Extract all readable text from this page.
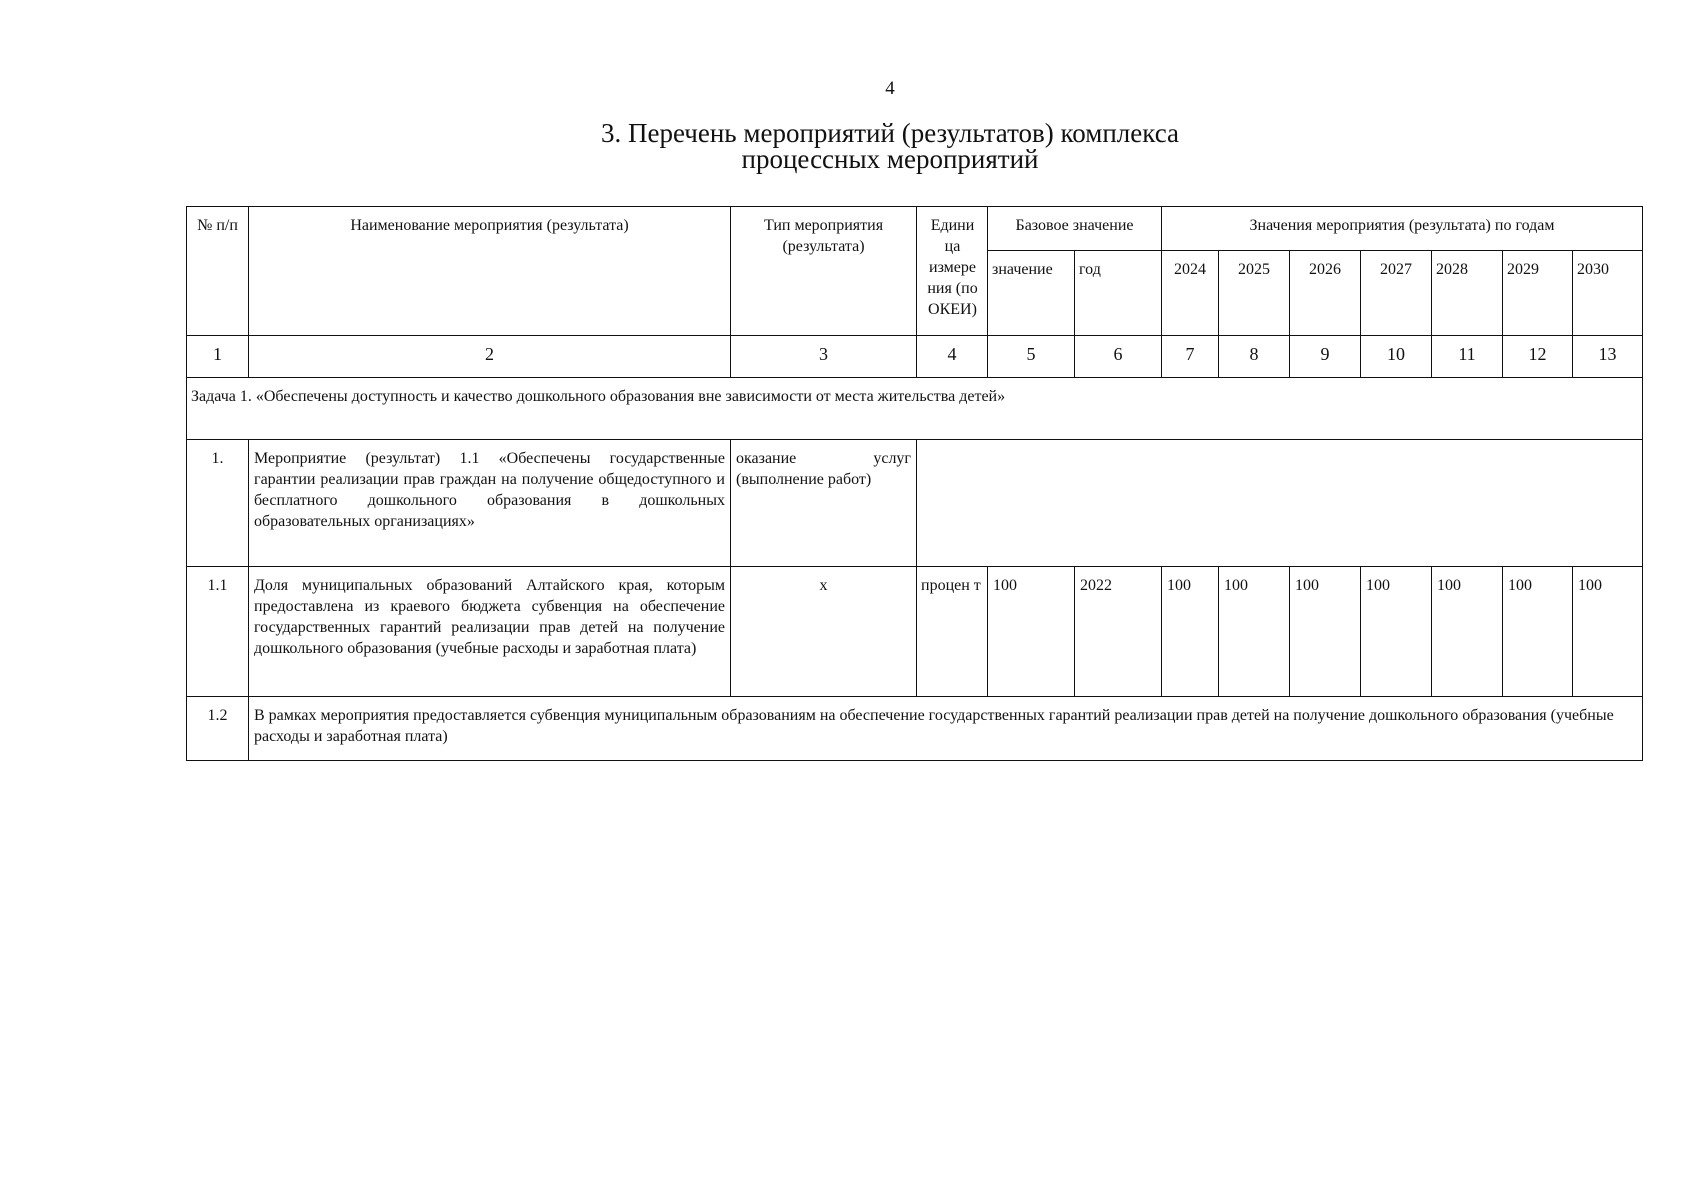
4
3. Перечень мероприятий (результатов) комплекса
процессных мероприятий
№ п/п	Наименование мероприятия (результата)	Тип мероприятия (результата)	Едини ца измере ния (по ОКЕИ)	Базовое значение		Значения мероприятия (результата) по годам						
				значение	год	2024	2025	2026	2027	2028	2029	2030
1	2	3	4	5	6	7	8	9	10	11	12	13
Задача 1. «Обеспечены доступность и качество дошкольного образования вне зависимости от места жительства детей»												
1.	Мероприятие (результат) 1.1 «Обеспечены государственные гарантии реализации прав граждан на получение общедоступного и бесплатного дошкольного образования в дошкольных образовательных организациях»	оказание услуг (выполнение работ)										
1.1	Доля муниципальных образований Алтайского края, которым предоставлена из краевого бюджета субвенция на обеспечение государственных гарантий реализации прав детей на получение дошкольного образования (учебные расходы и заработная плата)	х	процен т	100	2022	100	100	100	100	100	100	100
1.2	В рамках мероприятия предоставляется субвенция муниципальным образованиям на обеспечение государственных гарантий реализации прав детей на получение дошкольного образования (учебные расходы и заработная плата)											
